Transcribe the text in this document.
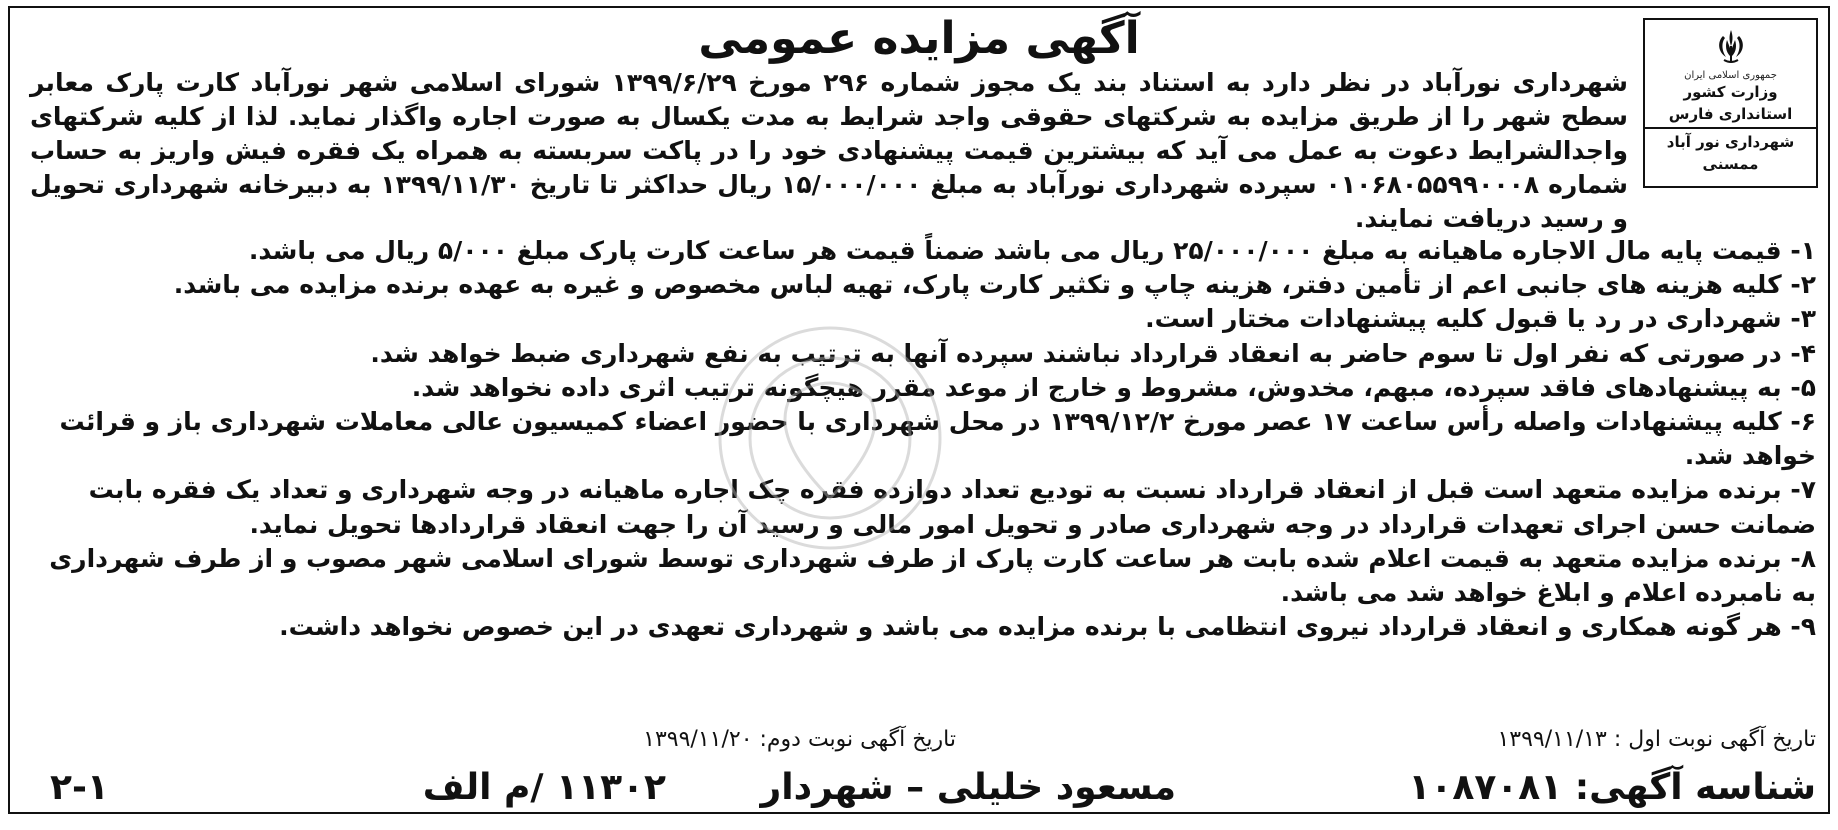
جمهوری اسلامی ایران
وزارت کشور
استانداری فارس
شهرداری نور آباد ممسنی
آگهی مزایده عمومی

شهرداری نورآباد در نظر دارد به استناد بند یک مجوز شماره ۲۹۶ مورخ ۱۳۹۹/۶/۲۹ شورای اسلامی شهر نورآباد کارت پارک معابر سطح شهر را از طریق مزایده به شرکتهای حقوقی واجد شرایط به مدت یکسال به صورت اجاره واگذار نماید. لذا از کلیه شرکتهای واجدالشرایط دعوت به عمل می آید که بیشترین قیمت پیشنهادی خود را در پاکت سربسته به همراه یک فقره فیش واریز به حساب شماره ۰۱۰۶۸۰۵۵۹۹۰۰۰۸ سپرده شهرداری نورآباد به مبلغ ۱۵/۰۰۰/۰۰۰ ریال حداکثر تا تاریخ ۱۳۹۹/۱۱/۳۰ به دبیرخانه شهرداری تحویل و رسید دریافت نمایند.

۱- قیمت پایه مال الاجاره ماهیانه به مبلغ ۲۵/۰۰۰/۰۰۰ ریال می باشد ضمناً قیمت هر ساعت کارت پارک مبلغ ۵/۰۰۰ ریال می باشد.

۲- کلیه هزینه های جانبی اعم از تأمین دفتر، هزینه چاپ و تکثیر کارت پارک، تهیه لباس مخصوص و غیره به عهده برنده مزایده می باشد.

۳- شهرداری در رد یا قبول کلیه پیشنهادات مختار است.

۴- در صورتی که نفر اول تا سوم حاضر به انعقاد قرارداد نباشند سپرده آنها به ترتیب به نفع شهرداری ضبط خواهد شد.

۵- به پیشنهادهای فاقد سپرده، مبهم، مخدوش، مشروط و خارج از موعد مقرر هیچگونه ترتیب اثری داده نخواهد شد.

۶- کلیه پیشنهادات واصله رأس ساعت ۱۷ عصر مورخ ۱۳۹۹/۱۲/۲ در محل شهرداری با حضور اعضاء کمیسیون عالی معاملات شهرداری باز و قرائت خواهد شد.

۷- برنده مزایده متعهد است قبل از انعقاد قرارداد نسبت به تودیع تعداد دوازده فقره چک اجاره ماهیانه در وجه شهرداری و تعداد یک فقره بابت ضمانت حسن اجرای تعهدات قرارداد در وجه شهرداری صادر و تحویل امور مالی و رسید آن را جهت انعقاد قراردادها تحویل نماید.

۸- برنده مزایده متعهد به قیمت اعلام شده بابت هر ساعت کارت پارک از طرف شهرداری توسط شورای اسلامی شهر مصوب و از طرف شهرداری به نامبرده اعلام و ابلاغ خواهد شد می باشد.

۹- هر گونه همکاری و انعقاد قرارداد نیروی انتظامی با برنده مزایده می باشد و شهرداری تعهدی در این خصوص نخواهد داشت.

تاریخ آگهی نوبت اول : ۱۳۹۹/۱۱/۱۳
تاریخ آگهی نوبت دوم: ۱۳۹۹/۱۱/۲۰
شناسه آگهی: ۱۰۸۷۰۸۱
مسعود خلیلی – شهردار
۱۱۳۰۲ /م الف
۲-۱
